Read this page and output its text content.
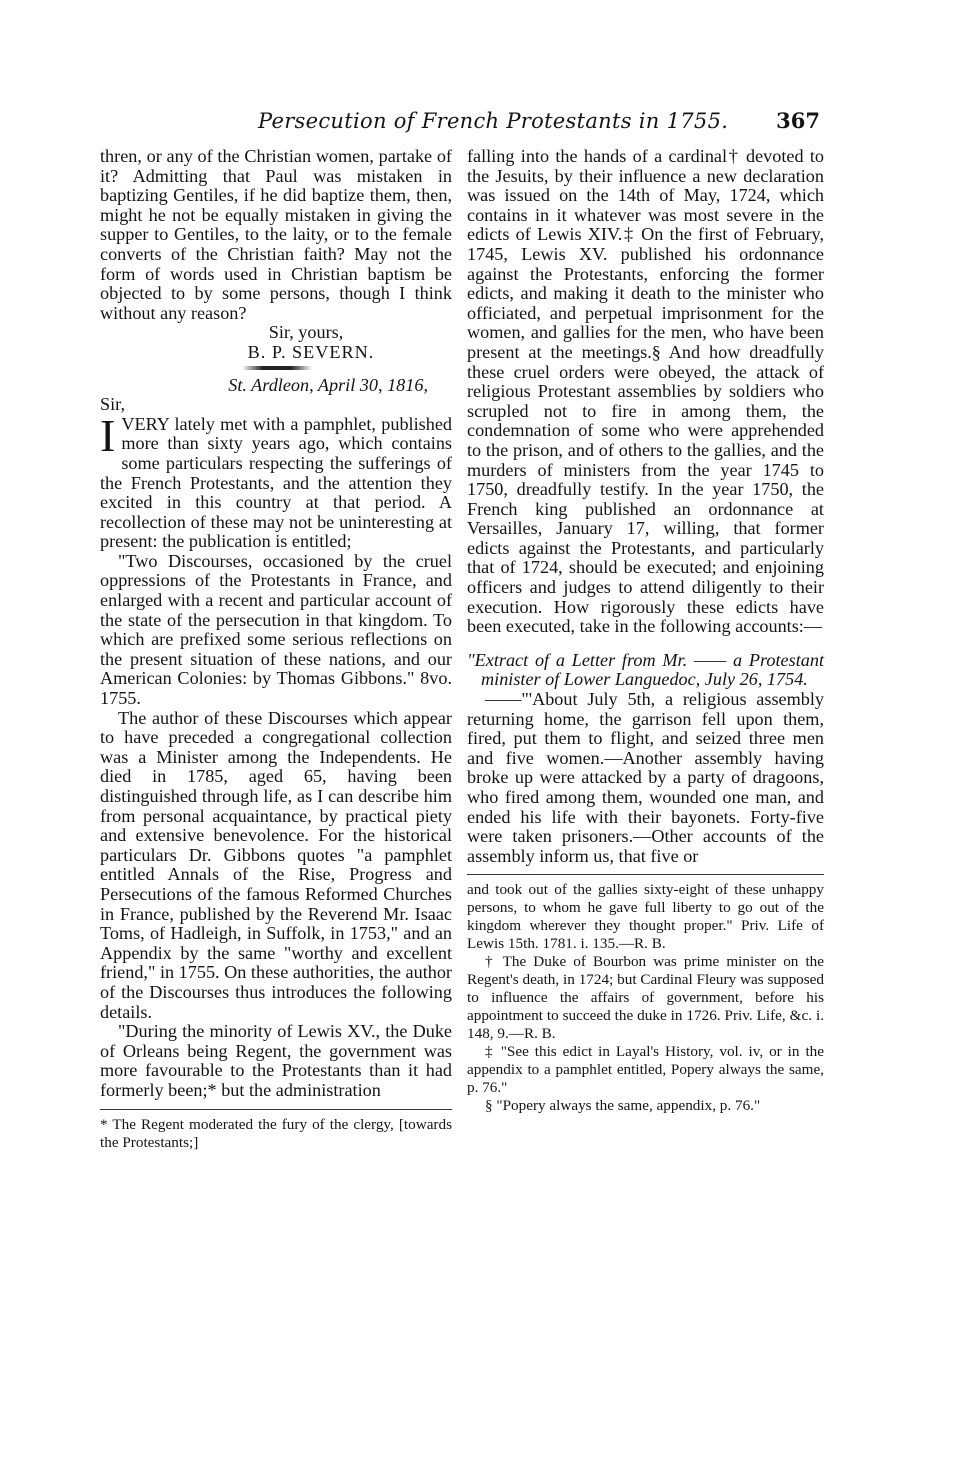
Persecution of French Protestants in 1755. 367

thren, or any of the Christian women, partake of it? Admitting that Paul was mistaken in baptizing Gentiles, if he did baptize them, then, might he not be equally mistaken in giving the supper to Gentiles, to the laity, or to the female converts of the Christian faith? May not the form of words used in Christian baptism be objected to by some persons, though I think without any reason?

Sir, yours,

B. P. SEVERN.

St. Ardleon, April 30, 1816,

Sir,

IVERY lately met with a pamphlet, published more than sixty years ago, which contains some particulars respecting the sufferings of the French Protestants, and the attention they excited in this country at that period. A recollection of these may not be uninteresting at present: the publication is entitled;

"Two Discourses, occasioned by the cruel oppressions of the Protestants in France, and enlarged with a recent and particular account of the state of the persecution in that kingdom. To which are prefixed some serious reflections on the present situation of these nations, and our American Colonies: by Thomas Gibbons." 8vo. 1755.

The author of these Discourses which appear to have preceded a congregational collection was a Minister among the Independents. He died in 1785, aged 65, having been distinguished through life, as I can describe him from personal acquaintance, by practical piety and extensive benevolence. For the historical particulars Dr. Gibbons quotes "a pamphlet entitled Annals of the Rise, Progress and Persecutions of the famous Reformed Churches in France, published by the Reverend Mr. Isaac Toms, of Hadleigh, in Suffolk, in 1753," and an Appendix by the same "worthy and excellent friend," in 1755. On these authorities, the author of the Discourses thus introduces the following details.

"During the minority of Lewis XV., the Duke of Orleans being Regent, the government was more favourable to the Protestants than it had formerly been;* but the administration

* The Regent moderated the fury of the clergy, [towards the Protestants;]

falling into the hands of a cardinal† devoted to the Jesuits, by their influence a new declaration was issued on the 14th of May, 1724, which contains in it whatever was most severe in the edicts of Lewis XIV.‡ On the first of February, 1745, Lewis XV. published his ordonnance against the Protestants, enforcing the former edicts, and making it death to the minister who officiated, and perpetual imprisonment for the women, and gallies for the men, who have been present at the meetings.§ And how dreadfully these cruel orders were obeyed, the attack of religious Protestant assemblies by soldiers who scrupled not to fire in among them, the condemnation of some who were apprehended to the prison, and of others to the gallies, and the murders of ministers from the year 1745 to 1750, dreadfully testify. In the year 1750, the French king published an ordonnance at Versailles, January 17, willing, that former edicts against the Protestants, and particularly that of 1724, should be executed; and enjoining officers and judges to attend diligently to their execution. How rigorously these edicts have been executed, take in the following accounts:—

"Extract of a Letter from Mr. —— a Protestant minister of Lower Languedoc, July 26, 1754.

——"'About July 5th, a religious assembly returning home, the garrison fell upon them, fired, put them to flight, and seized three men and five women.—Another assembly having broke up were attacked by a party of dragoons, who fired among them, wounded one man, and ended his life with their bayonets. Forty-five were taken prisoners.—Other accounts of the assembly inform us, that five or

and took out of the gallies sixty-eight of these unhappy persons, to whom he gave full liberty to go out of the kingdom wherever they thought proper." Priv. Life of Lewis 15th. 1781. i. 135.—R. B.

† The Duke of Bourbon was prime minister on the Regent's death, in 1724; but Cardinal Fleury was supposed to influence the affairs of government, before his appointment to succeed the duke in 1726. Priv. Life, &c. i. 148, 9.—R. B.

‡ "See this edict in Layal's History, vol. iv, or in the appendix to a pamphlet entitled, Popery always the same, p. 76."

§ "Popery always the same, appendix, p. 76."
